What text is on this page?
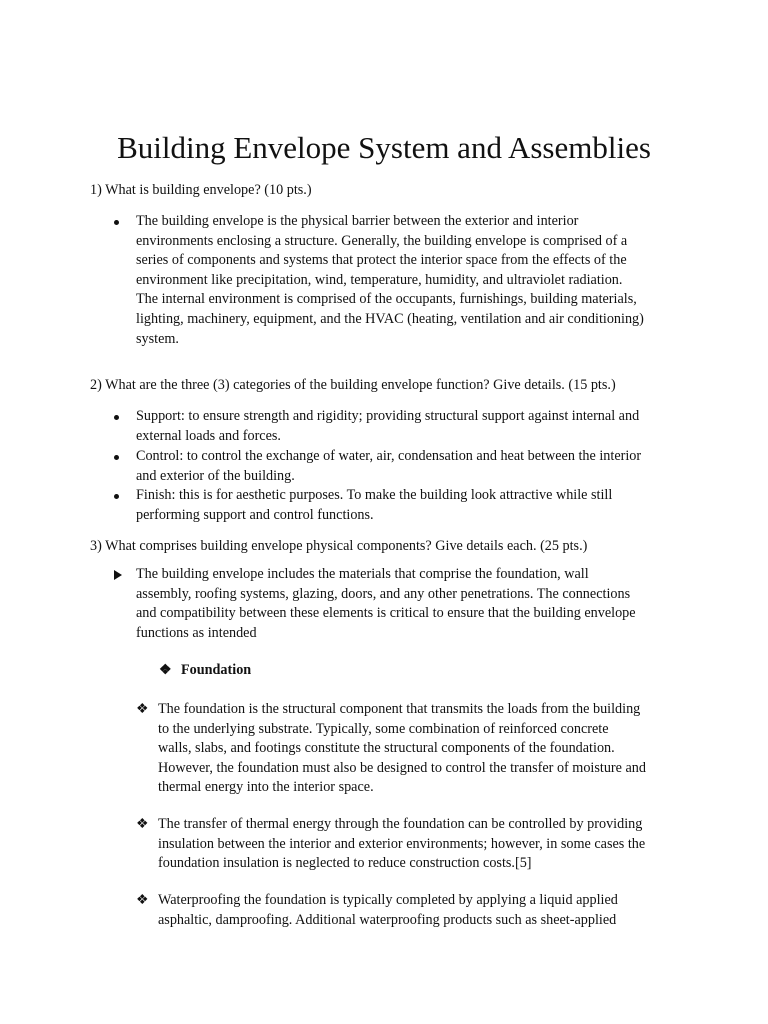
Building Envelope System and Assemblies

1) What is building envelope? (10 pts.)

The building envelope is the physical barrier between the exterior and interior
environments enclosing a structure. Generally, the building envelope is comprised of a
series of components and systems that protect the interior space from the effects of the
environment like precipitation, wind, temperature, humidity, and ultraviolet radiation.
The internal environment is comprised of the occupants, furnishings, building materials,
lighting, machinery, equipment, and the HVAC (heating, ventilation and air conditioning)
system.

2) What are the three (3) categories of the building envelope function? Give details. (15 pts.)

Support: to ensure strength and rigidity; providing structural support against internal and
external loads and forces.
Control: to control the exchange of water, air, condensation and heat between the interior
and exterior of the building.
Finish: this is for aesthetic purposes. To make the building look attractive while still
performing support and control functions.

3) What comprises building envelope physical components? Give details each. (25 pts.)

The building envelope includes the materials that comprise the foundation, wall
assembly, roofing systems, glazing, doors, and any other penetrations. The connections
and compatibility between these elements is critical to ensure that the building envelope
functions as intended
❖ Foundation
❖ The foundation is the structural component that transmits the loads from the building
to the underlying substrate. Typically, some combination of reinforced concrete
walls, slabs, and footings constitute the structural components of the foundation.
However, the foundation must also be designed to control the transfer of moisture and
thermal energy into the interior space.
❖ The transfer of thermal energy through the foundation can be controlled by providing
insulation between the interior and exterior environments; however, in some cases the
foundation insulation is neglected to reduce construction costs.[5]
❖ Waterproofing the foundation is typically completed by applying a liquid applied
asphaltic, damproofing. Additional waterproofing products such as sheet-applied
